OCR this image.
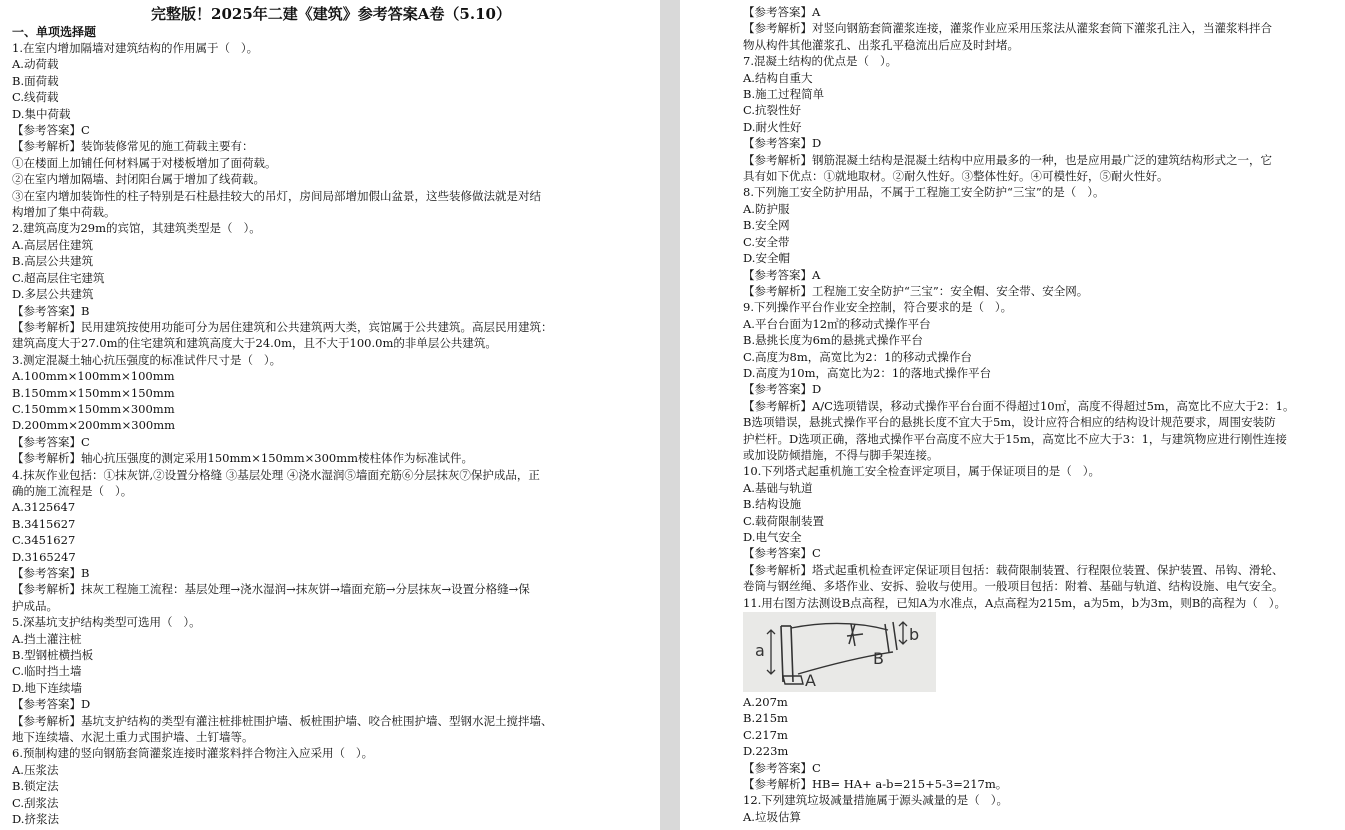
完整版！2025年二建《建筑》参考答案A卷（5.10）

一、单项选择题

1.在室内增加隔墙对建筑结构的作用属于（   ）。

A.动荷载

B.面荷载

C.线荷载

D.集中荷载

【参考答案】C

【参考解析】装饰装修常见的施工荷载主要有：

①在楼面上加铺任何材料属于对楼板增加了面荷载。

②在室内增加隔墙、封闭阳台属于增加了线荷载。

③在室内增加装饰性的柱子特别是石柱悬挂较大的吊灯，房间局部增加假山盆景，这些装修做法就是对结

构增加了集中荷载。

2.建筑高度为29m的宾馆，其建筑类型是（   ）。

A.高层居住建筑

B.高层公共建筑

C.超高层住宅建筑

D.多层公共建筑

【参考答案】B

【参考解析】民用建筑按使用功能可分为居住建筑和公共建筑两大类，宾馆属于公共建筑。高层民用建筑：

建筑高度大于27.0m的住宅建筑和建筑高度大于24.0m，且不大于100.0m的非单层公共建筑。

3.测定混凝土轴心抗压强度的标准试件尺寸是（   ）。

A.100mm×100mm×100mm

B.150mm×150mm×150mm

C.150mm×150mm×300mm

D.200mm×200mm×300mm

【参考答案】C

【参考解析】轴心抗压强度的测定采用150mm×150mm×300mm棱柱体作为标准试件。

4.抹灰作业包括：①抹灰饼,②设置分格缝 ③基层处理 ④浇水湿润⑤墙面充筋⑥分层抹灰⑦保护成品，正

确的施工流程是（   ）。

A.3125647

B.3415627

C.3451627

D.3165247

【参考答案】B

【参考解析】抹灰工程施工流程：基层处理→浇水湿润→抹灰饼→墙面充筋→分层抹灰→设置分格缝→保

护成品。

5.深基坑支护结构类型可选用（   ）。

A.挡土灌注桩

B.型钢桩横挡板

C.临时挡土墙

D.地下连续墙

【参考答案】D

【参考解析】基坑支护结构的类型有灌注桩排桩围护墙、板桩围护墙、咬合桩围护墙、型钢水泥土搅拌墙、

地下连续墙、水泥土重力式围护墙、土钉墙等。

6.预制构建的竖向钢筋套筒灌浆连接时灌浆料拌合物注入应采用（   ）。

A.压浆法

B.锁定法

C.刮浆法

D.挤浆法

【参考答案】A

【参考解析】对竖向钢筋套筒灌浆连接，灌浆作业应采用压浆法从灌浆套筒下灌浆孔注入，当灌浆料拌合

物从构件其他灌浆孔、出浆孔平稳流出后应及时封堵。

7.混凝土结构的优点是（   ）。

A.结构自重大

B.施工过程简单

C.抗裂性好

D.耐火性好

【参考答案】D

【参考解析】钢筋混凝土结构是混凝土结构中应用最多的一种，也是应用最广泛的建筑结构形式之一，它

具有如下优点：①就地取材。②耐久性好。③整体性好。④可模性好，⑤耐火性好。

8.下列施工安全防护用品，不属于工程施工安全防护“三宝”的是（   ）。

A.防护服

B.安全网

C.安全带

D.安全帽

【参考答案】A

【参考解析】工程施工安全防护“三宝”：安全帽、安全带、安全网。

9.下列操作平台作业安全控制，符合要求的是（   ）。

A.平台台面为12㎡的移动式操作平台

B.悬挑长度为6m的悬挑式操作平台

C.高度为8m，高宽比为2：1的移动式操作台

D.高度为10m，高宽比为2：1的落地式操作平台

【参考答案】D

【参考解析】A/C选项错误，移动式操作平台台面不得超过10㎡，高度不得超过5m，高宽比不应大于2：1。

B选项错误，悬挑式操作平台的悬挑长度不宜大于5m，设计应符合相应的结构设计规范要求，周围安装防

护栏杆。D选项正确，落地式操作平台高度不应大于15m，高宽比不应大于3：1，与建筑物应进行刚性连接

或加设防倾措施，不得与脚手架连接。

10.下列塔式起重机施工安全检查评定项目，属于保证项目的是（   ）。

A.基础与轨道

B.结构设施

C.载荷限制装置

D.电气安全

【参考答案】C

【参考解析】塔式起重机检查评定保证项目包括：载荷限制装置、行程限位装置、保护装置、吊钩、滑轮、

卷筒与钢丝绳、多塔作业、安拆、验收与使用。一般项目包括：附着、基础与轨道、结构设施、电气安全。

11.用右图方法测设B点高程，已知A为水准点，A点高程为215m，a为5m，b为3m，则B的高程为（   ）。

a
A
B
b

A.207m

B.215m

C.217m

D.223m

【参考答案】C

【参考解析】HB= HA+ a-b=215+5-3=217m。

12.下列建筑垃圾减量措施属于源头减量的是（   ）。

A.垃圾估算
